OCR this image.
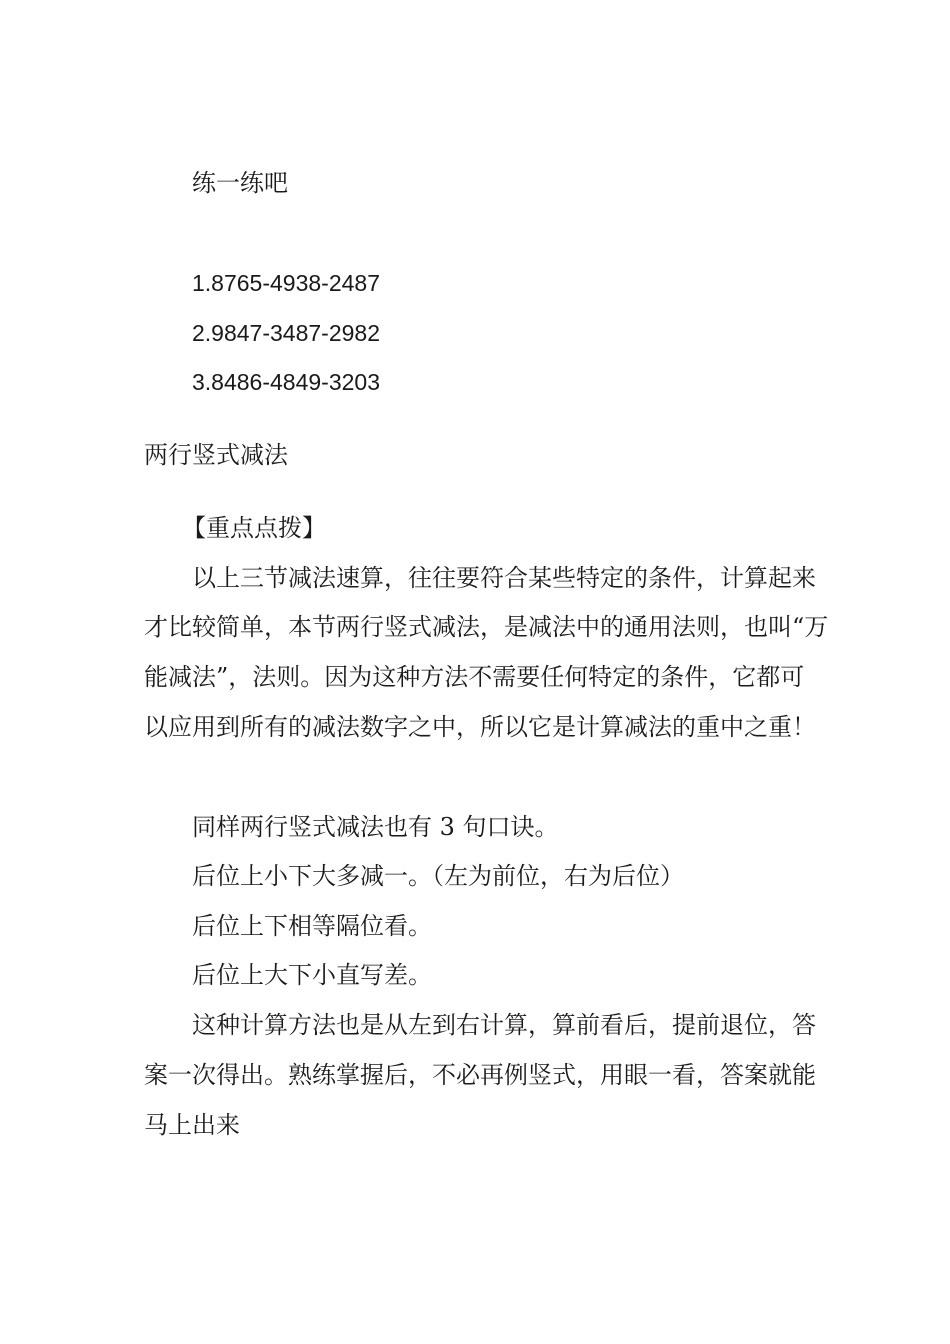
练一练吧
1.8765-4938-2487
2.9847-3487-2982
3.8486-4849-3203
两行竖式减法
【重点点拨】
以上三节减法速算，往往要符合某些特定的条件，计算起来
才比较简单，本节两行竖式减法，是减法中的通用法则，也叫“万
能减法”，法则。因为这种方法不需要任何特定的条件，它都可
以应用到所有的减法数字之中，所以它是计算减法的重中之重！
同样两行竖式减法也有 3 句口诀。
后位上小下大多减一。（左为前位，右为后位）
后位上下相等隔位看。
后位上大下小直写差。
这种计算方法也是从左到右计算，算前看后，提前退位，答
案一次得出。熟练掌握后，不必再例竖式，用眼一看，答案就能
马上出来
